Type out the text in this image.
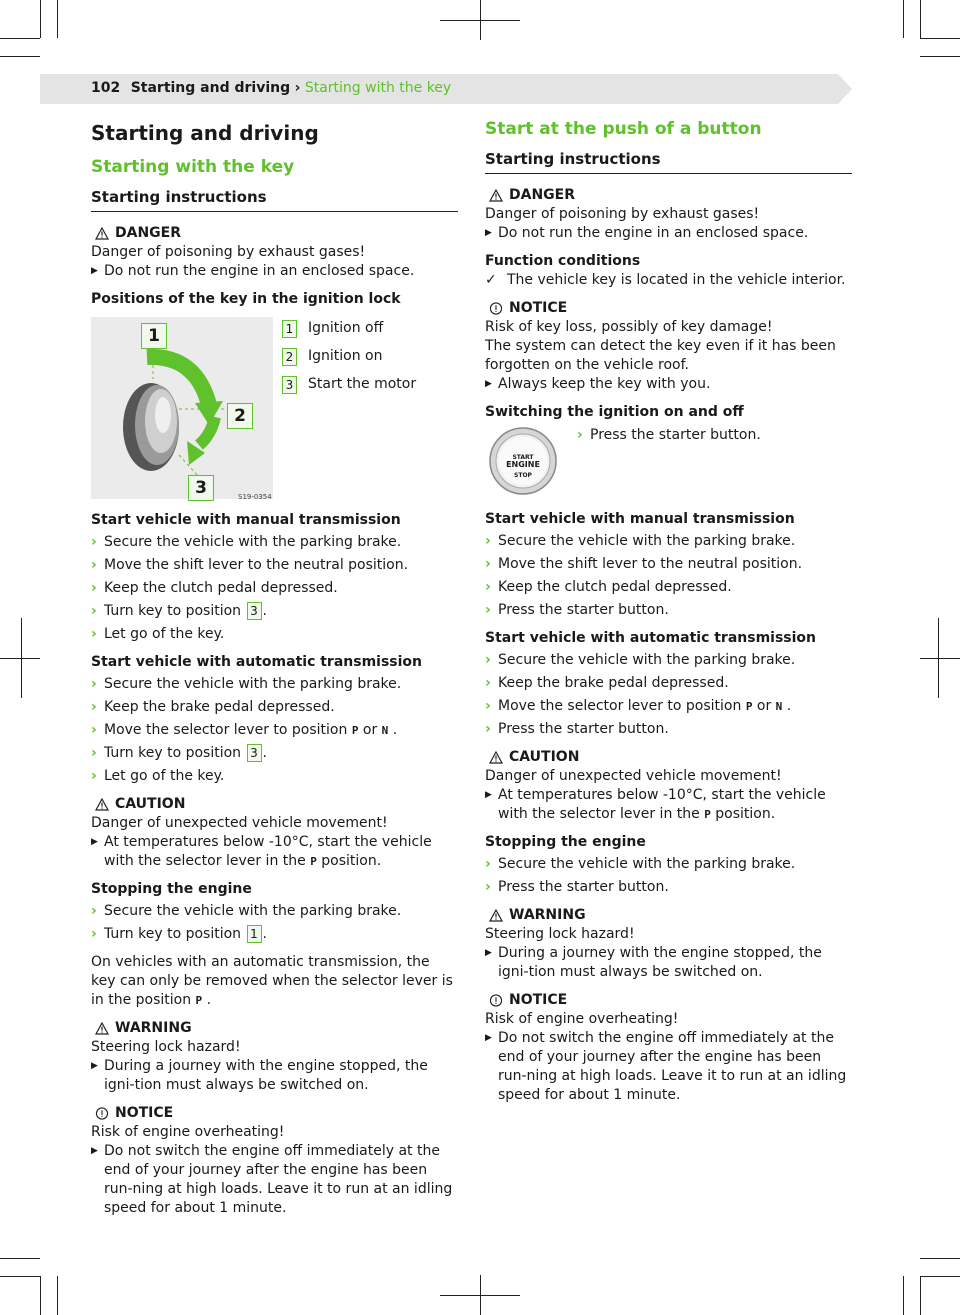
102 Starting and driving › Starting with the key
Starting and driving
Starting with the key
Starting instructions
DANGER
Danger of poisoning by exhaust gases!
▶ Do not run the engine in an enclosed space.
Positions of the key in the ignition lock
1
2
3	S19-0354
1 Ignition off
2 Ignition on
3 Start the motor
Start vehicle with manual transmission
› Secure the vehicle with the parking brake.
› Move the shift lever to the neutral position.
› Keep the clutch pedal depressed.
› Turn key to position 3 .
› Let go of the key.
Start vehicle with automatic transmission
› Secure the vehicle with the parking brake.
› Keep the brake pedal depressed.
› Move the selector lever to position P or N .
› Turn key to position 3 .
› Let go of the key.
CAUTION
Danger of unexpected vehicle movement!
▶ At temperatures below -10°C, start the vehicle with the selector lever in the P position.
Stopping the engine
› Secure the vehicle with the parking brake.
› Turn key to position 1 .
On vehicles with an automatic transmission, the key can only be removed when the selector lever is in the position P .
WARNING
Steering lock hazard!
▶ During a journey with the engine stopped, the igni-tion must always be switched on.
NOTICE
Risk of engine overheating!
▶ Do not switch the engine off immediately at the end of your journey after the engine has been run-ning at high loads. Leave it to run at an idling speed for about 1 minute.
Start at the push of a button
Starting instructions
DANGER
Danger of poisoning by exhaust gases!
▶ Do not run the engine in an enclosed space.
Function conditions
✓ The vehicle key is located in the vehicle interior.
NOTICE
Risk of key loss, possibly of key damage!
The system can detect the key even if it has been forgotten on the vehicle roof.
▶ Always keep the key with you.
Switching the ignition on and off
START
ENGINE
STOP
› Press the starter button.
Start vehicle with manual transmission
› Secure the vehicle with the parking brake.
› Move the shift lever to the neutral position.
› Keep the clutch pedal depressed.
› Press the starter button.
Start vehicle with automatic transmission
› Secure the vehicle with the parking brake.
› Keep the brake pedal depressed.
› Move the selector lever to position P or N .
› Press the starter button.
CAUTION
Danger of unexpected vehicle movement!
▶ At temperatures below -10°C, start the vehicle with the selector lever in the P position.
Stopping the engine
› Secure the vehicle with the parking brake.
› Press the starter button.
WARNING
Steering lock hazard!
▶ During a journey with the engine stopped, the igni-tion must always be switched on.
NOTICE
Risk of engine overheating!
▶ Do not switch the engine off immediately at the end of your journey after the engine has been run-ning at high loads. Leave it to run at an idling speed for about 1 minute.
